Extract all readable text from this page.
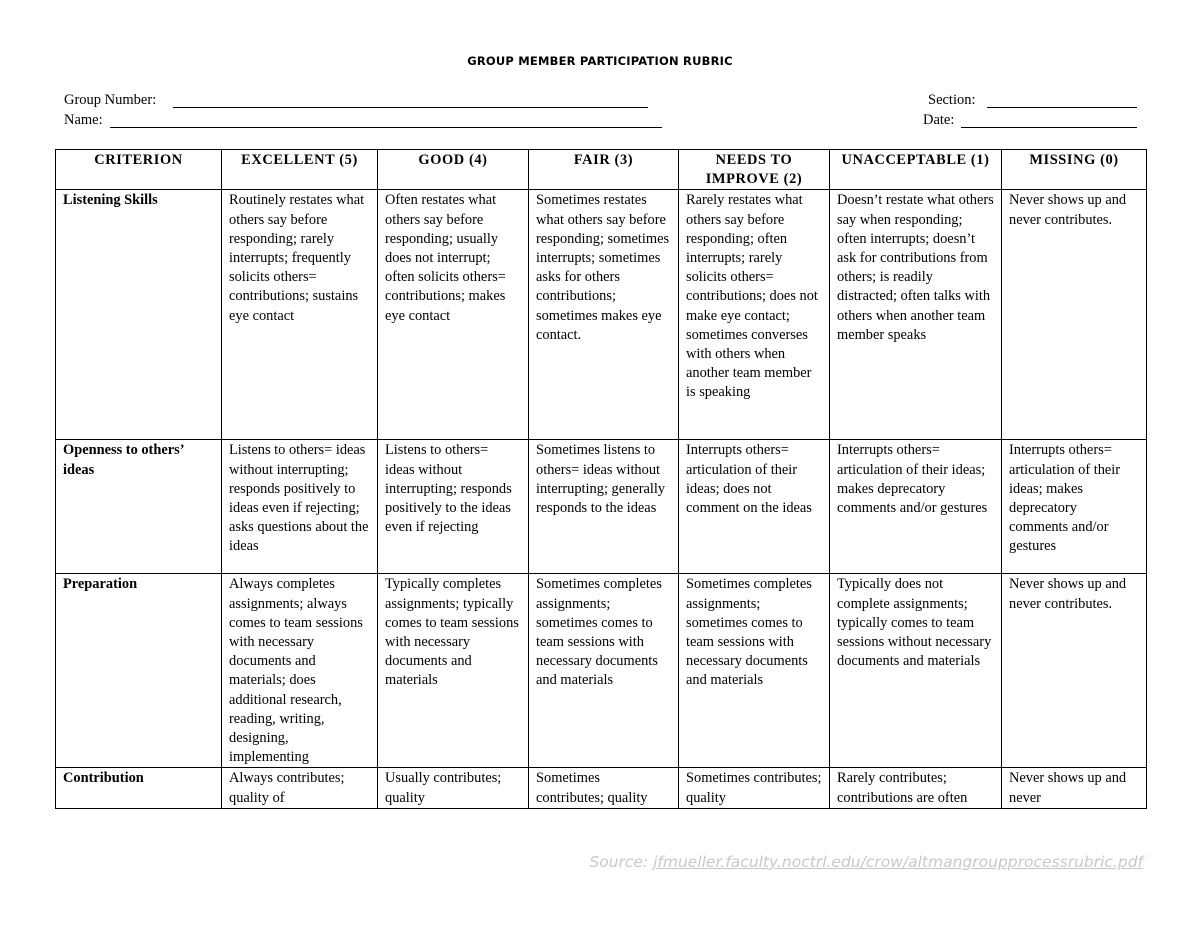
GROUP MEMBER PARTICIPATION RUBRIC
Group Number:
Name:
Section:
Date:
CRITERION	EXCELLENT (5)	GOOD (4)	FAIR (3)	NEEDS TO IMPROVE (2)	UNACCEPTABLE (1)	MISSING (0)
Listening Skills	Routinely restates what others say before responding; rarely interrupts; frequently solicits others= contributions; sustains eye contact	Often restates what others say before responding; usually does not interrupt; often solicits others= contributions; makes eye contact	Sometimes restates what others say before responding; sometimes interrupts; sometimes asks for others contributions; sometimes makes eye contact.	Rarely restates what others say before responding; often interrupts; rarely solicits others= contributions; does not make eye contact; sometimes converses with others when another team member is speaking	Doesn’t restate what others say when responding; often interrupts; doesn’t ask for contributions from others; is readily distracted; often talks with others when another team member speaks	Never shows up and never contributes.
Openness to others’ ideas	Listens to others= ideas without interrupting; responds positively to ideas even if rejecting; asks questions about the ideas	Listens to others= ideas without interrupting; responds positively to the ideas even if rejecting	Sometimes listens to others= ideas without interrupting; generally responds to the ideas	Interrupts others= articulation of their ideas; does not comment on the ideas	Interrupts others= articulation of their ideas; makes deprecatory comments and/or gestures	Interrupts others= articulation of their ideas; makes deprecatory comments and/or gestures
Preparation	Always completes assignments; always comes to team sessions with necessary documents and materials; does additional research, reading, writing, designing, implementing	Typically completes assignments; typically comes to team sessions with necessary documents and materials	Sometimes completes assignments; sometimes comes to team sessions with necessary documents and materials	Sometimes completes assignments; sometimes comes to team sessions with necessary documents and materials	Typically does not complete assignments; typically comes to team sessions without necessary documents and materials	Never shows up and never contributes.
Contribution	Always contributes; quality of	Usually contributes; quality	Sometimes contributes; quality	Sometimes contributes; quality	Rarely contributes; contributions are often	Never shows up and never
Source: jfmueller.faculty.noctrl.edu/crow/altmangroupprocessrubric.pdf
